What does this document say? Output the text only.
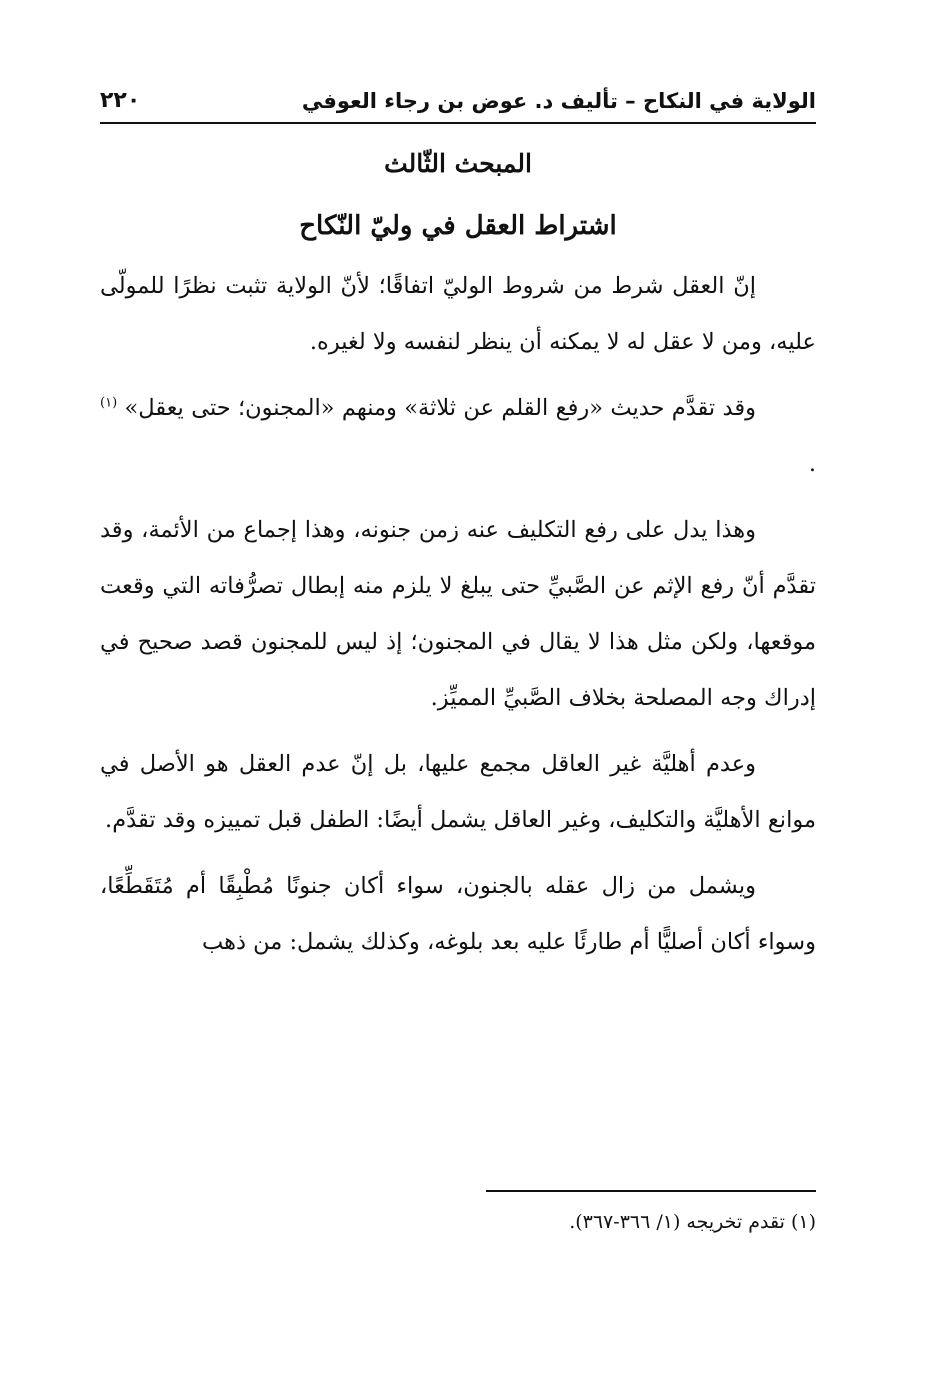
الولاية في النكاح – تأليف د. عوض بن رجاء العوفي
٢٢٠
المبحث الثّالث
اشتراط العقل في وليّ النّكاح

إنّ العقل شرط من شروط الوليّ اتفاقًا؛ لأنّ الولاية تثبت نظرًا للمولّى عليه، ومن لا عقل له لا يمكنه أن ينظر لنفسه ولا لغيره.

وقد تقدَّم حديث «رفع القلم عن ثلاثة» ومنهم «المجنون؛ حتى يعقل» $^{(١)}$ .

وهذا يدل على رفع التكليف عنه زمن جنونه، وهذا إجماع من الأئمة، وقد تقدَّم أنّ رفع الإثم عن الصَّبيِّ حتى يبلغ لا يلزم منه إبطال تصرُّفاته التي وقعت موقعها، ولكن مثل هذا لا يقال في المجنون؛ إذ ليس للمجنون قصد صحيح في إدراك وجه المصلحة بخلاف الصَّبيِّ المميِّز.

وعدم أهليَّة غير العاقل مجمع عليها، بل إنّ عدم العقل هو الأصل في موانع الأهليَّة والتكليف، وغير العاقل يشمل أيضًا: الطفل قبل تمييزه وقد تقدَّم.

ويشمل من زال عقله بالجنون، سواء أكان جنونًا مُطْبِقًا أم مُتَقَطِّعًا، وسواء أكان أصليًّا أم طارئًا عليه بعد بلوغه، وكذلك يشمل: من ذهب

(١) تقدم تخريجه (١/ ٣٦٦-٣٦٧).
